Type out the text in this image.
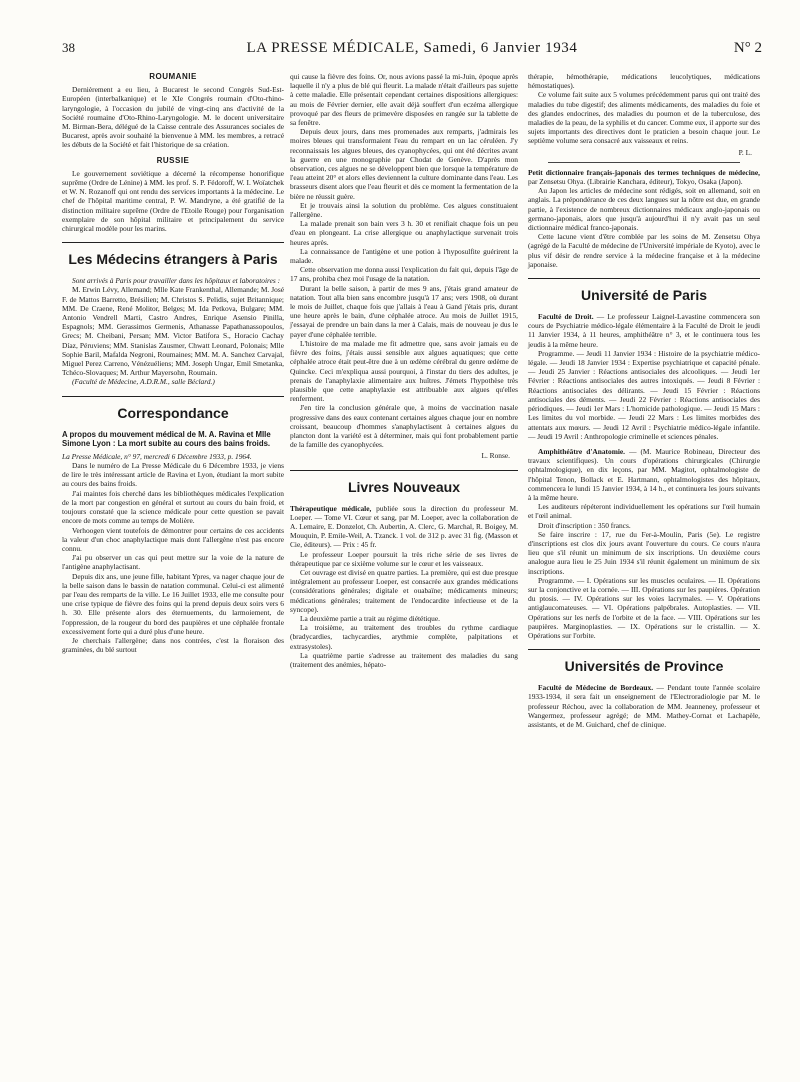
38	LA PRESSE MÉDICALE, Samedi, 6 Janvier 1934	N° 2
ROUMANIE

Dernièrement a eu lieu, à Bucarest le second Congrès Sud-Est-Européen (interbalkanique) et le XIe Congrès roumain d'Oto-rhino-laryngologie, à l'occasion du jubilé de vingt-cinq ans d'activité de la Société roumaine d'Oto-Rhino-Laryngologie. M. le docent universitaire M. Birman-Bera, délégué de la Caisse centrale des Assurances sociales de Bucarest, après avoir souhaité la bienvenue à MM. les membres, a retracé les débuts de la Société et fait l'historique de sa création.

RUSSIE

Le gouvernement soviétique a décerné la récompense honorifique suprême (Ordre de Lénine) à MM. les prof. S. P. Fédoroff, W. I. Woïatchek et W. N. Rozanoff qui ont rendu des services importants à la médecine. Le chef de l'hôpital maritime central, P. W. Mandryne, a été gratifié de la distinction militaire suprême (Ordre de l'Etoile Rouge) pour l'organisation exemplaire de son hôpital militaire et principalement du service chirurgical modèle pour les marins.

Les Médecins étrangers à Paris

Sont arrivés à Paris pour travailler dans les hôpitaux et laboratoires :

M. Erwin Lévy, Allemand; Mlle Kate Frankenthal, Allemande; M. José F. de Mattos Barretto, Brésilien; M. Christos S. Pelidis, sujet Britannique; MM. De Craene, René Molitor, Belges; M. Ida Petkova, Bulgare; MM. Antonio Vendrell Marti, Castro Andres, Enrique Asensio Pinilla, Espagnols; MM. Gerassimos Germenis, Athanasse Papathanassopoulos, Grecs; M. Cheibani, Persan; MM. Victor Batifora S., Horacio Cachay Díaz, Péruviens; MM. Stanislas Zausmer, Chwatt Leonard, Polonais; Mlle Sophie Baril, Mafalda Negroni, Roumaines; MM. M. A. Sanchez Carvajal, Miguel Perez Carreno, Vénézuéliens; MM. Joseph Ungar, Emil Smetanka, Tchéco-Slovaques; M. Arthur Mayersohn, Roumain.

(Faculté de Médecine, A.D.R.M., salle Béclard.)

Correspondance
A propos du mouvement médical de M. A. Ravina et Mlle Simone Lyon : La mort subite au cours des bains froids.

La Presse Médicale, n° 97, mercredi 6 Décembre 1933, p. 1964.

Dans le numéro de La Presse Médicale du 6 Décembre 1933, je viens de lire le très intéressant article de Ravina et Lyon, étudiant la mort subite au cours des bains froids.

J'ai maintes fois cherché dans les bibliothèques médicales l'explication de la mort par congestion en général et surtout au cours du bain froid, et toujours constaté que la science médicale pour cette question se pavait encore de mots comme au temps de Molière.

Verhoogen vient toutefois de démontrer pour certains de ces accidents la valeur d'un choc anaphylactique mais dont l'allergène n'est pas encore connu.

J'ai pu observer un cas qui peut mettre sur la voie de la nature de l'antigène anaphylactisant.

Depuis dix ans, une jeune fille, habitant Ypres, va nager chaque jour de la belle saison dans le bassin de natation communal. Celui-ci est alimenté par l'eau des remparts de la ville. Le 16 Juillet 1933, elle me consulte pour une crise typique de fièvre des foins qui la prend depuis deux soirs vers 6 h. 30. Elle présente alors des éternuements, du larmoiement, de l'oppression, de la rougeur du bord des paupières et une céphalée frontale excessivement forte qui a duré plus d'une heure.

Je cherchais l'allergène; dans nos contrées, c'est la floraison des graminées, du blé surtout

qui cause la fièvre des foins. Or, nous avions passé la mi-Juin, époque après laquelle il n'y a plus de blé qui fleurit. La malade n'était d'ailleurs pas sujette à cette maladie. Elle présentait cependant certaines dispositions allergiques: au mois de Février dernier, elle avait déjà souffert d'un eczéma allergique provoqué par des fleurs de primevère disposées en rangée sur la tablette de sa fenêtre.

Depuis deux jours, dans mes promenades aux remparts, j'admirais les moires bleues qui transformaient l'eau du rempart en un lac céruléen. J'y reconnaissais les algues bleues, des cyanophycées, qui ont été décrites avant la guerre en une monographie par Chodat de Genève. D'après mon observation, ces algues ne se développent bien que lorsque la température de l'eau atteint 20° et alors elles deviennent la culture dominante dans l'eau. Les brasseurs disent alors que l'eau fleurit et dès ce moment la fermentation de la bière ne réussit guère.

Et je trouvais ainsi la solution du problème. Ces algues constituaient l'allergène.

La malade prenait son bain vers 3 h. 30 et renifiait chaque fois un peu d'eau en plongeant. La crise allergique ou anaphylactique survenait trois heures après.

La connaissance de l'antigène et une potion à l'hyposulfite guérirent la malade.

Cette observation me donna aussi l'explication du fait qui, depuis l'âge de 17 ans, prohiba chez moi l'usage de la natation.

Durant la belle saison, à partir de mes 9 ans, j'étais grand amateur de natation. Tout alla bien sans encombre jusqu'à 17 ans; vers 1908, où durant le mois de Juillet, chaque fois que j'allais à l'eau à Gand j'étais pris, durant une heure après le bain, d'une céphalée atroce. Au mois de Juillet 1915, j'essayai de prendre un bain dans la mer à Calais, mais de nouveau je dus le payer d'une céphalée terrible.

L'histoire de ma malade me fit admettre que, sans avoir jamais eu de fièvre des foins, j'étais aussi sensible aux algues aquatiques; que cette céphalée atroce était peut-être due à un œdème cérébral du genre œdème de Quincke. Ceci m'expliqua aussi pourquoi, à l'instar du tiers des adultes, je prenais de l'anaphylaxie alimentaire aux huîtres. J'émets l'hypothèse très plausible que cette anaphylaxie est attribuable aux algues qu'elles renferment.

J'en tire la conclusion générale que, à moins de vaccination nasale progressive dans des eaux contenant certaines algues chaque jour en nombre croissant, beaucoup d'hommes s'anaphylactisent à certaines algues du plancton dont la variété est à déterminer, mais qui font probablement partie de la famille des cyanophycées.

L. Ronse.
Livres Nouveaux

Thérapeutique médicale, publiée sous la direction du professeur M. Loeper. — Tome VI. Cœur et sang, par M. Loeper, avec la collaboration de A. Lemaire, E. Donzelot, Ch. Aubertin, A. Clerc, G. Marchal, R. Boigey, M. Mouquin, P. Emile-Weil, A. Tzanck. 1 vol. de 312 p. avec 31 fig. (Masson et Cie, éditeurs). — Prix : 45 fr.

Le professeur Loeper poursuit la très riche série de ses livres de thérapeutique par ce sixième volume sur le cœur et les vaisseaux.

Cet ouvrage est divisé en quatre parties. La première, qui est due presque intégralement au professeur Loeper, est consacrée aux grandes médications (considérations générales; digitale et ouabaïne; médicaments mineurs; médications générales; traitement de l'endocardite infectieuse et de la syncope).

La deuxième partie a trait au régime diététique.

La troisième, au traitement des troubles du rythme cardiaque (bradycardies, tachycardies, arythmie complète, palpitations et extrasystoles).

La quatrième partie s'adresse au traitement des maladies du sang (traitement des anémies, hépato-

thérapie, hémothérapie, médications leucolytiques, médications hémostatiques).

Ce volume fait suite aux 5 volumes précédemment parus qui ont traité des maladies du tube digestif; des aliments médicaments, des maladies du foie et des glandes endocrines, des maladies du poumon et de la tuberculose, des maladies de la peau, de la syphilis et du cancer. Comme eux, il apporte sur des sujets importants des directives dont le praticien a besoin chaque jour. Le septième volume sera consacré aux vaisseaux et reins.

P. L.

Petit dictionnaire français-japonais des termes techniques de médecine, par Zensetsu Ohya. (Librairie Kanchara, éditeur), Tokyo, Osaka (Japon).

Au Japon les articles de médecine sont rédigés, soit en allemand, soit en anglais. La prépondérance de ces deux langues sur la nôtre est due, en grande partie, à l'existence de nombreux dictionnaires médicaux anglo-japonais ou germano-japonais, alors que jusqu'à aujourd'hui il n'y avait pas un seul dictionnaire médical franco-japonais.

Cette lacune vient d'être comblée par les soins de M. Zensetsu Ohya (agrégé de la Faculté de médecine de l'Université impériale de Kyoto), avec le plus vif désir de rendre service à la médecine française et à la médecine japonaise.

Université de Paris

Faculté de Droit. — Le professeur Laignel-Lavastine commencera son cours de Psychiatrie médico-légale élémentaire à la Faculté de Droit le jeudi 11 Janvier 1934, à 11 heures, amphithéâtre n° 3, et le continuera tous les jeudis à la même heure.

Programme. — Jeudi 11 Janvier 1934 : Histoire de la psychiatrie médico-légale. — Jeudi 18 Janvier 1934 : Expertise psychiatrique et capacité pénale. — Jeudi 25 Janvier : Réactions antisociales des alcooliques. — Jeudi 1er Février : Réactions antisociales des autres intoxiqués. — Jeudi 8 Février : Réactions antisociales des délirants. — Jeudi 15 Février : Réactions antisociales des déments. — Jeudi 22 Février : Réactions antisociales des périodiques. — Jeudi 1er Mars : L'homicide pathologique. — Jeudi 15 Mars : Les limites du vol morbide. — Jeudi 22 Mars : Les limites morbides des attentats aux mœurs. — Jeudi 12 Avril : Psychiatrie médico-légale infantile. — Jeudi 19 Avril : Anthropologie criminelle et sciences pénales.

Amphithéâtre d'Anatomie. — (M. Maurice Robineau, Directeur des travaux scientifiques). Un cours d'opérations chirurgicales (Chirurgie ophtalmologique), en dix leçons, par MM. Magitot, ophtalmologiste de l'hôpital Tenon, Bollack et E. Hartmann, ophtalmologistes des hôpitaux, commencera le lundi 15 Janvier 1934, à 14 h., et continuera les jours suivants à la même heure.

Les auditeurs répéteront individuellement les opérations sur l'œil humain et l'œil animal.

Droit d'inscription : 350 francs.

Se faire inscrire : 17, rue du Fer-à-Moulin, Paris (5e). Le registre d'inscriptions est clos dix jours avant l'ouverture du cours. Ce cours n'aura lieu que s'il réunit un minimum de six inscriptions. Un deuxième cours analogue aura lieu le 25 Juin 1934 s'il réunit également un minimum de six inscriptions.

Programme. — I. Opérations sur les muscles oculaires. — II. Opérations sur la conjonctive et la cornée. — III. Opérations sur les paupières. Opération du ptosis. — IV. Opérations sur les voies lacrymales. — V. Opérations antiglaucomateuses. — VI. Opérations palpébrales. Autoplasties. — VII. Opérations sur les nerfs de l'orbite et de la face. — VIII. Opérations sur les paupières. Marginoplasties. — IX. Opérations sur le cristallin. — X. Opérations sur l'orbite.

Universités de Province

Faculté de Médecine de Bordeaux. — Pendant toute l'année scolaire 1933-1934, il sera fait un enseignement de l'Electroradiologie par M. le professeur Réchou, avec la collaboration de MM. Jeanneney, professeur et Wangermez, professeur agrégé; de MM. Mathey-Cornat et Lachapèle, assistants, et de M. Guichard, chef de clinique.
